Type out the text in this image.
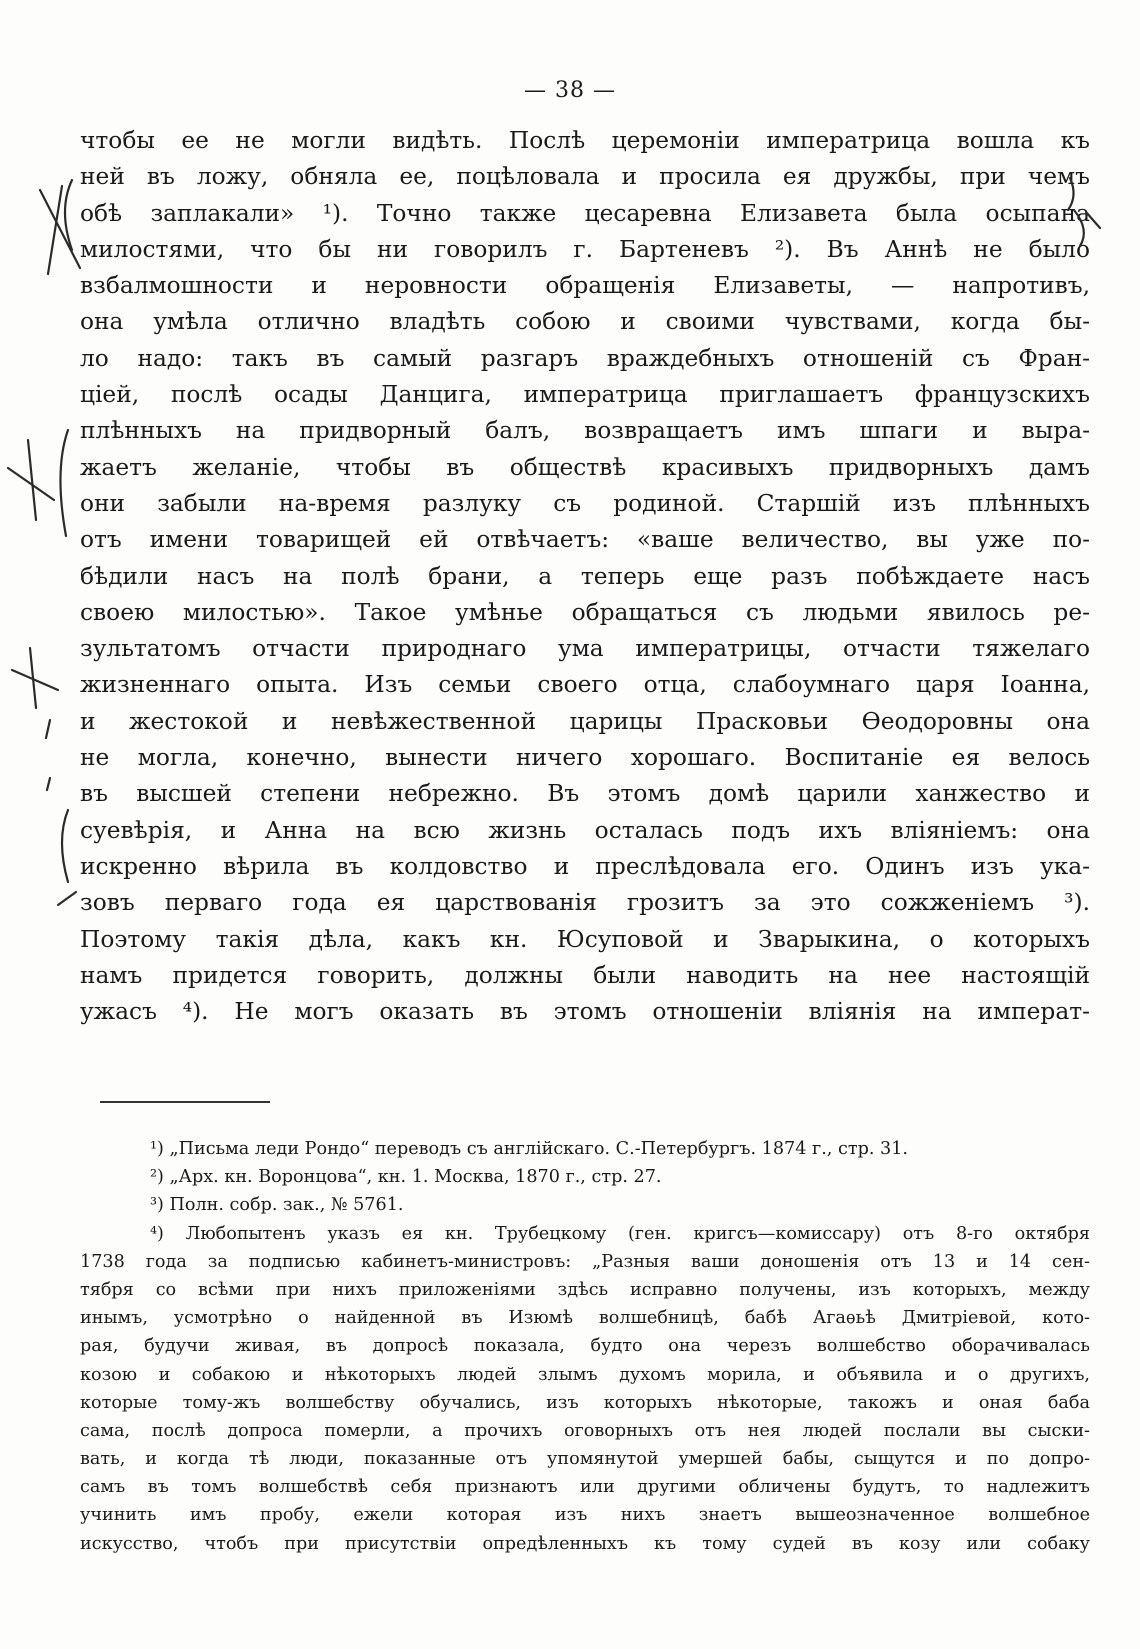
— 38 —
чтобы ее не могли видѣть. Послѣ церемоніи императрица вошла къ
ней въ ложу, обняла ее, поцѣловала и просила ея дружбы, при чемъ
обѣ заплакали» ¹). Точно также цесаревна Елизавета была осыпана
милостями, что бы ни говорилъ г. Бартеневъ ²). Въ Аннѣ не было
взбалмошности и неровности обращенія Елизаветы, — напротивъ,
она умѣла отлично владѣть собою и своими чувствами, когда бы-
ло надо: такъ въ самый разгаръ враждебныхъ отношеній съ Фран-
ціей, послѣ осады Данцига, императрица приглашаетъ французскихъ
плѣнныхъ на придворный балъ, возвращаетъ имъ шпаги и выра-
жаетъ желаніе, чтобы въ обществѣ красивыхъ придворныхъ дамъ
они забыли на-время разлуку съ родиной. Старшій изъ плѣнныхъ
отъ имени товарищей ей отвѣчаетъ: «ваше величество, вы уже по-
бѣдили насъ на полѣ брани, а теперь еще разъ побѣждаете насъ
своею милостью». Такое умѣнье обращаться съ людьми явилось ре-
зультатомъ отчасти природнаго ума императрицы, отчасти тяжелаго
жизненнаго опыта. Изъ семьи своего отца, слабоумнаго царя Іоанна,
и жестокой и невѣжественной царицы Прасковьи Ѳеодоровны она
не могла, конечно, вынести ничего хорошаго. Воспитаніе ея велось
въ высшей степени небрежно. Въ этомъ домѣ царили ханжество и
суевѣрія, и Анна на всю жизнь осталась подъ ихъ вліяніемъ: она
искренно вѣрила въ колдовство и преслѣдовала его. Одинъ изъ ука-
зовъ перваго года ея царствованія грозитъ за это сожженіемъ ³).
Поэтому такія дѣла, какъ кн. Юсуповой и Зварыкина, о которыхъ
намъ придется говорить, должны были наводить на нее настоящій
ужасъ ⁴). Не могъ оказать въ этомъ отношеніи вліянія на императ-
¹) „Письма леди Рондо“ переводъ съ англійскаго. С.-Петербургъ. 1874 г., стр. 31.
²) „Арх. кн. Воронцова“, кн. 1. Москва, 1870 г., стр. 27.
³) Полн. собр. зак., № 5761.
⁴) Любопытенъ указъ ея кн. Трубецкому (ген. кригсъ—комиссару) отъ 8-го октября
1738 года за подписью кабинетъ-министровъ: „Разныя ваши доношенія отъ 13 и 14 сен-
тября со всѣми при нихъ приложеніями здѣсь исправно получены, изъ которыхъ, между
инымъ, усмотрѣно о найденной въ Изюмѣ волшебницѣ, бабѣ Агаѳьѣ Дмитріевой, кото-
рая, будучи живая, въ допросѣ показала, будто она черезъ волшебство оборачивалась
козою и собакою и нѣкоторыхъ людей злымъ духомъ морила, и объявила и о другихъ,
которые тому-жъ волшебству обучались, изъ которыхъ нѣкоторые, такожъ и оная баба
сама, послѣ допроса померли, а прочихъ оговорныхъ отъ нея людей послали вы сыски-
вать, и когда тѣ люди, показанные отъ упомянутой умершей бабы, сыщутся и по допро-
самъ въ томъ волшебствѣ себя признаютъ или другими обличены будутъ, то надлежитъ
учинить имъ пробу, ежели которая изъ нихъ знаетъ вышеозначенное волшебное
искусство, чтобъ при присутствіи опредѣленныхъ къ тому судей въ козу или собаку
